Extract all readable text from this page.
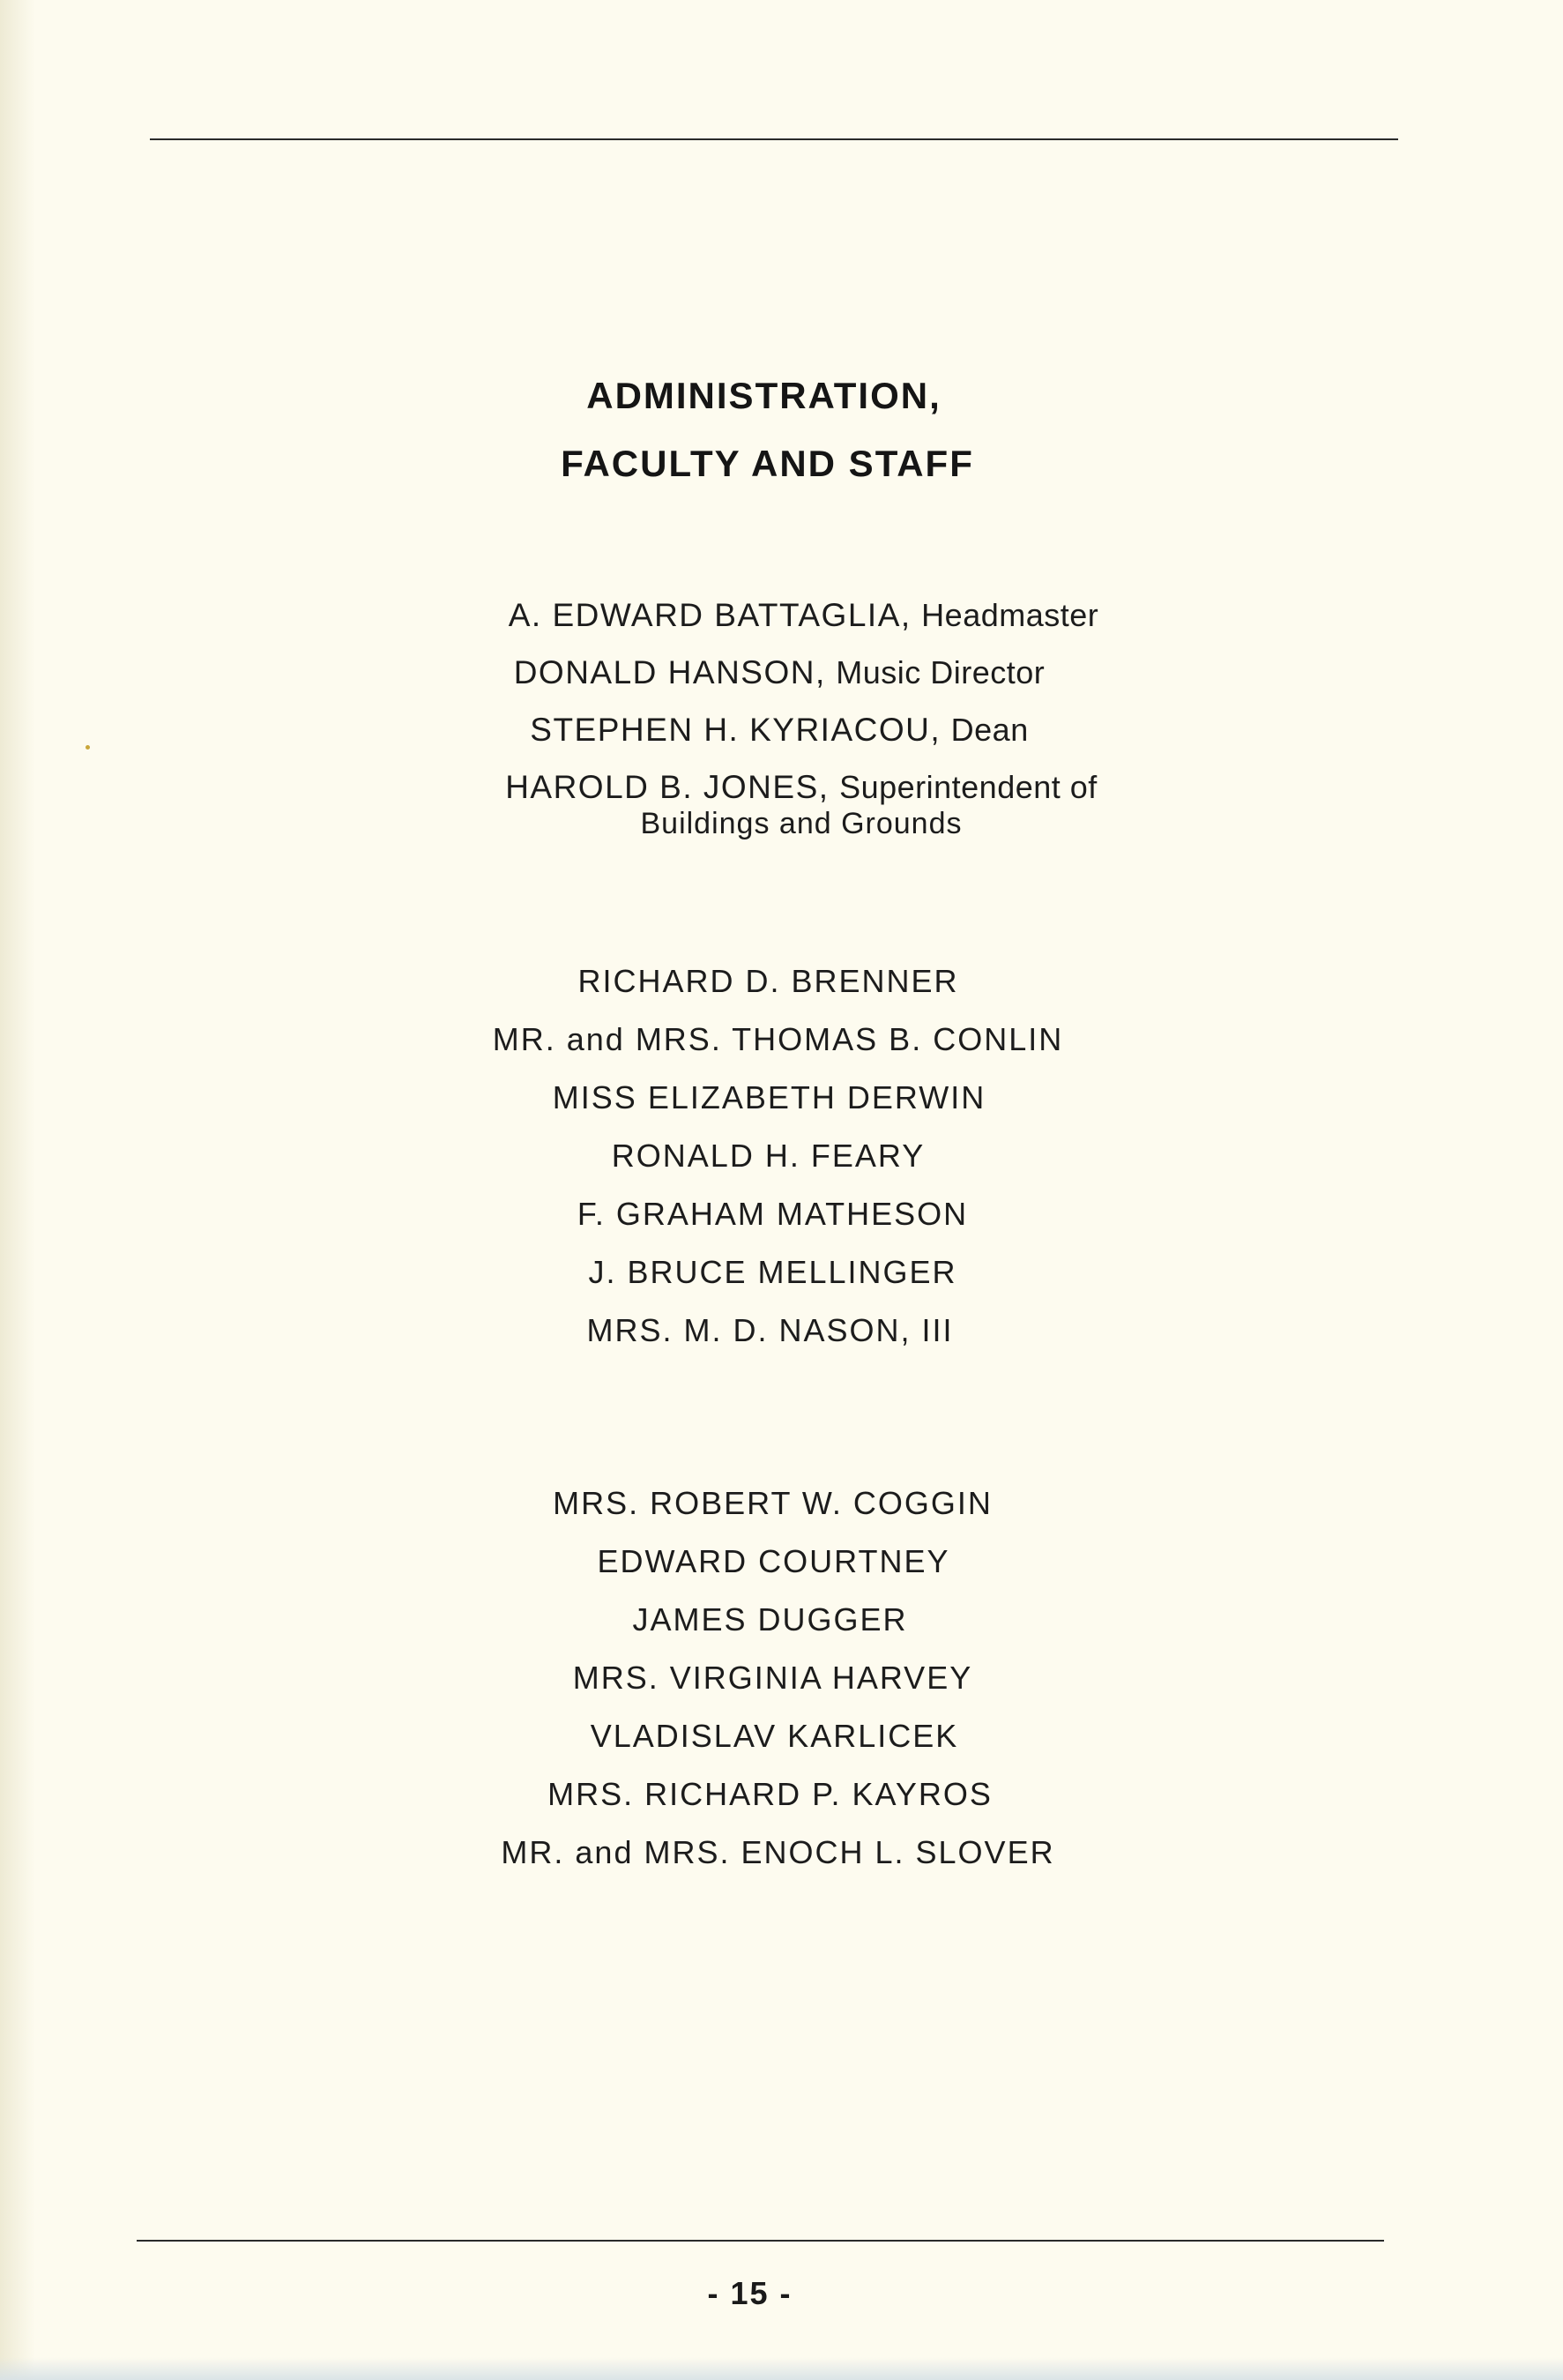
ADMINISTRATION,
FACULTY AND STAFF
A. EDWARD BATTAGLIA, Headmaster
DONALD HANSON, Music Director
STEPHEN H. KYRIACOU, Dean
HAROLD B. JONES, Superintendent of
Buildings and Grounds
RICHARD D. BRENNER
MR. and MRS. THOMAS B. CONLIN
MISS ELIZABETH DERWIN
RONALD H. FEARY
F. GRAHAM MATHESON
J. BRUCE MELLINGER
MRS. M. D. NASON, III
MRS. ROBERT W. COGGIN
EDWARD COURTNEY
JAMES DUGGER
MRS. VIRGINIA HARVEY
VLADISLAV KARLICEK
MRS. RICHARD P. KAYROS
MR. and MRS. ENOCH L. SLOVER
- 15 -
